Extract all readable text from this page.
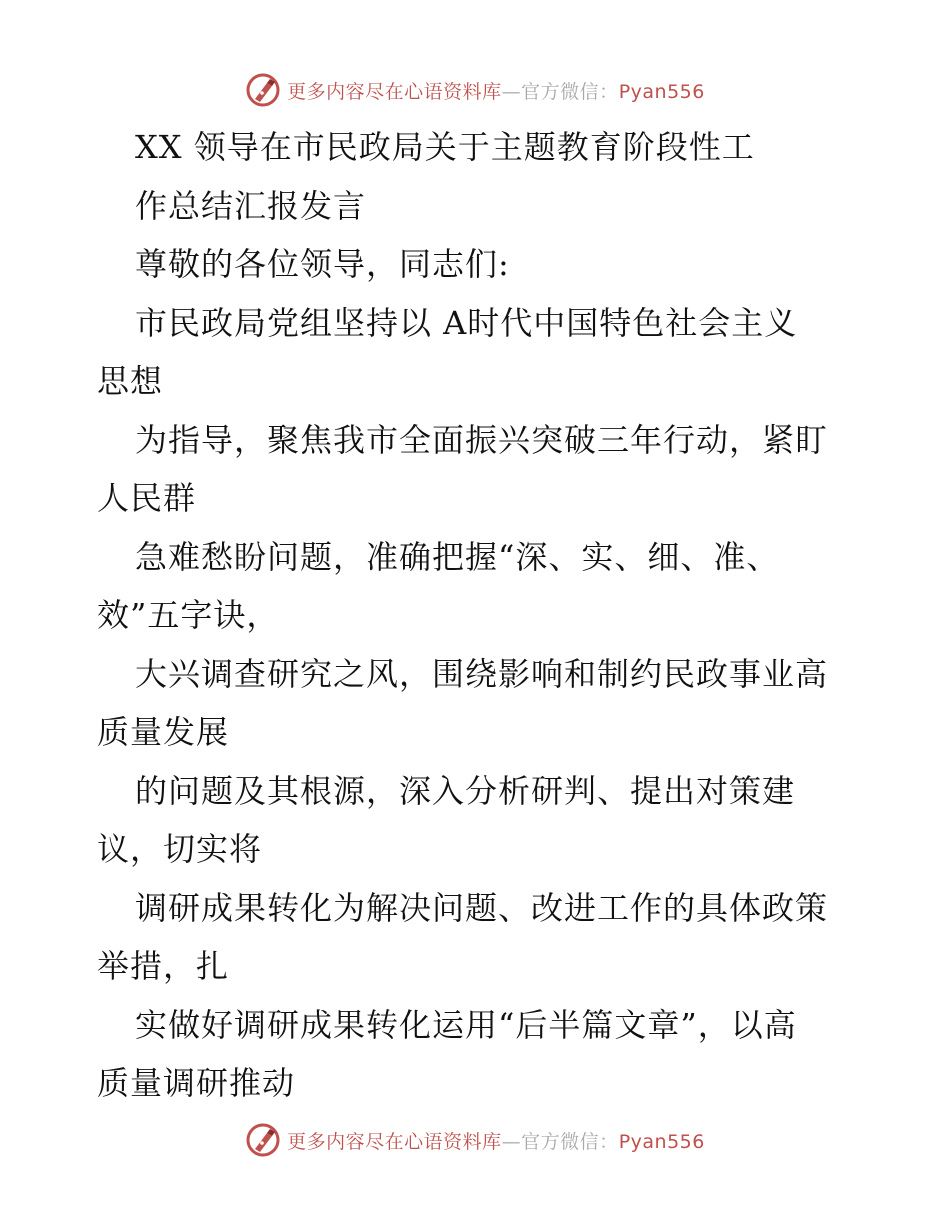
更多内容尽在心语资料库—官方微信：Pyan556
XX 领导在市民政局关于主题教育阶段性工
作总结汇报发言
尊敬的各位领导，同志们:
市民政局党组坚持以 A时代中国特色社会主义
思想
为指导，聚焦我市全面振兴突破三年行动，紧盯
人民群
急难愁盼问题，准确把握“深、实、细、准、
效”五字诀，
大兴调查研究之风，围绕影响和制约民政事业高
质量发展
的问题及其根源，深入分析研判、提出对策建
议，切实将
调研成果转化为解决问题、改进工作的具体政策
举措，扎
实做好调研成果转化运用“后半篇文章”，以高
质量调研推动
更多内容尽在心语资料库—官方微信：Pyan556
